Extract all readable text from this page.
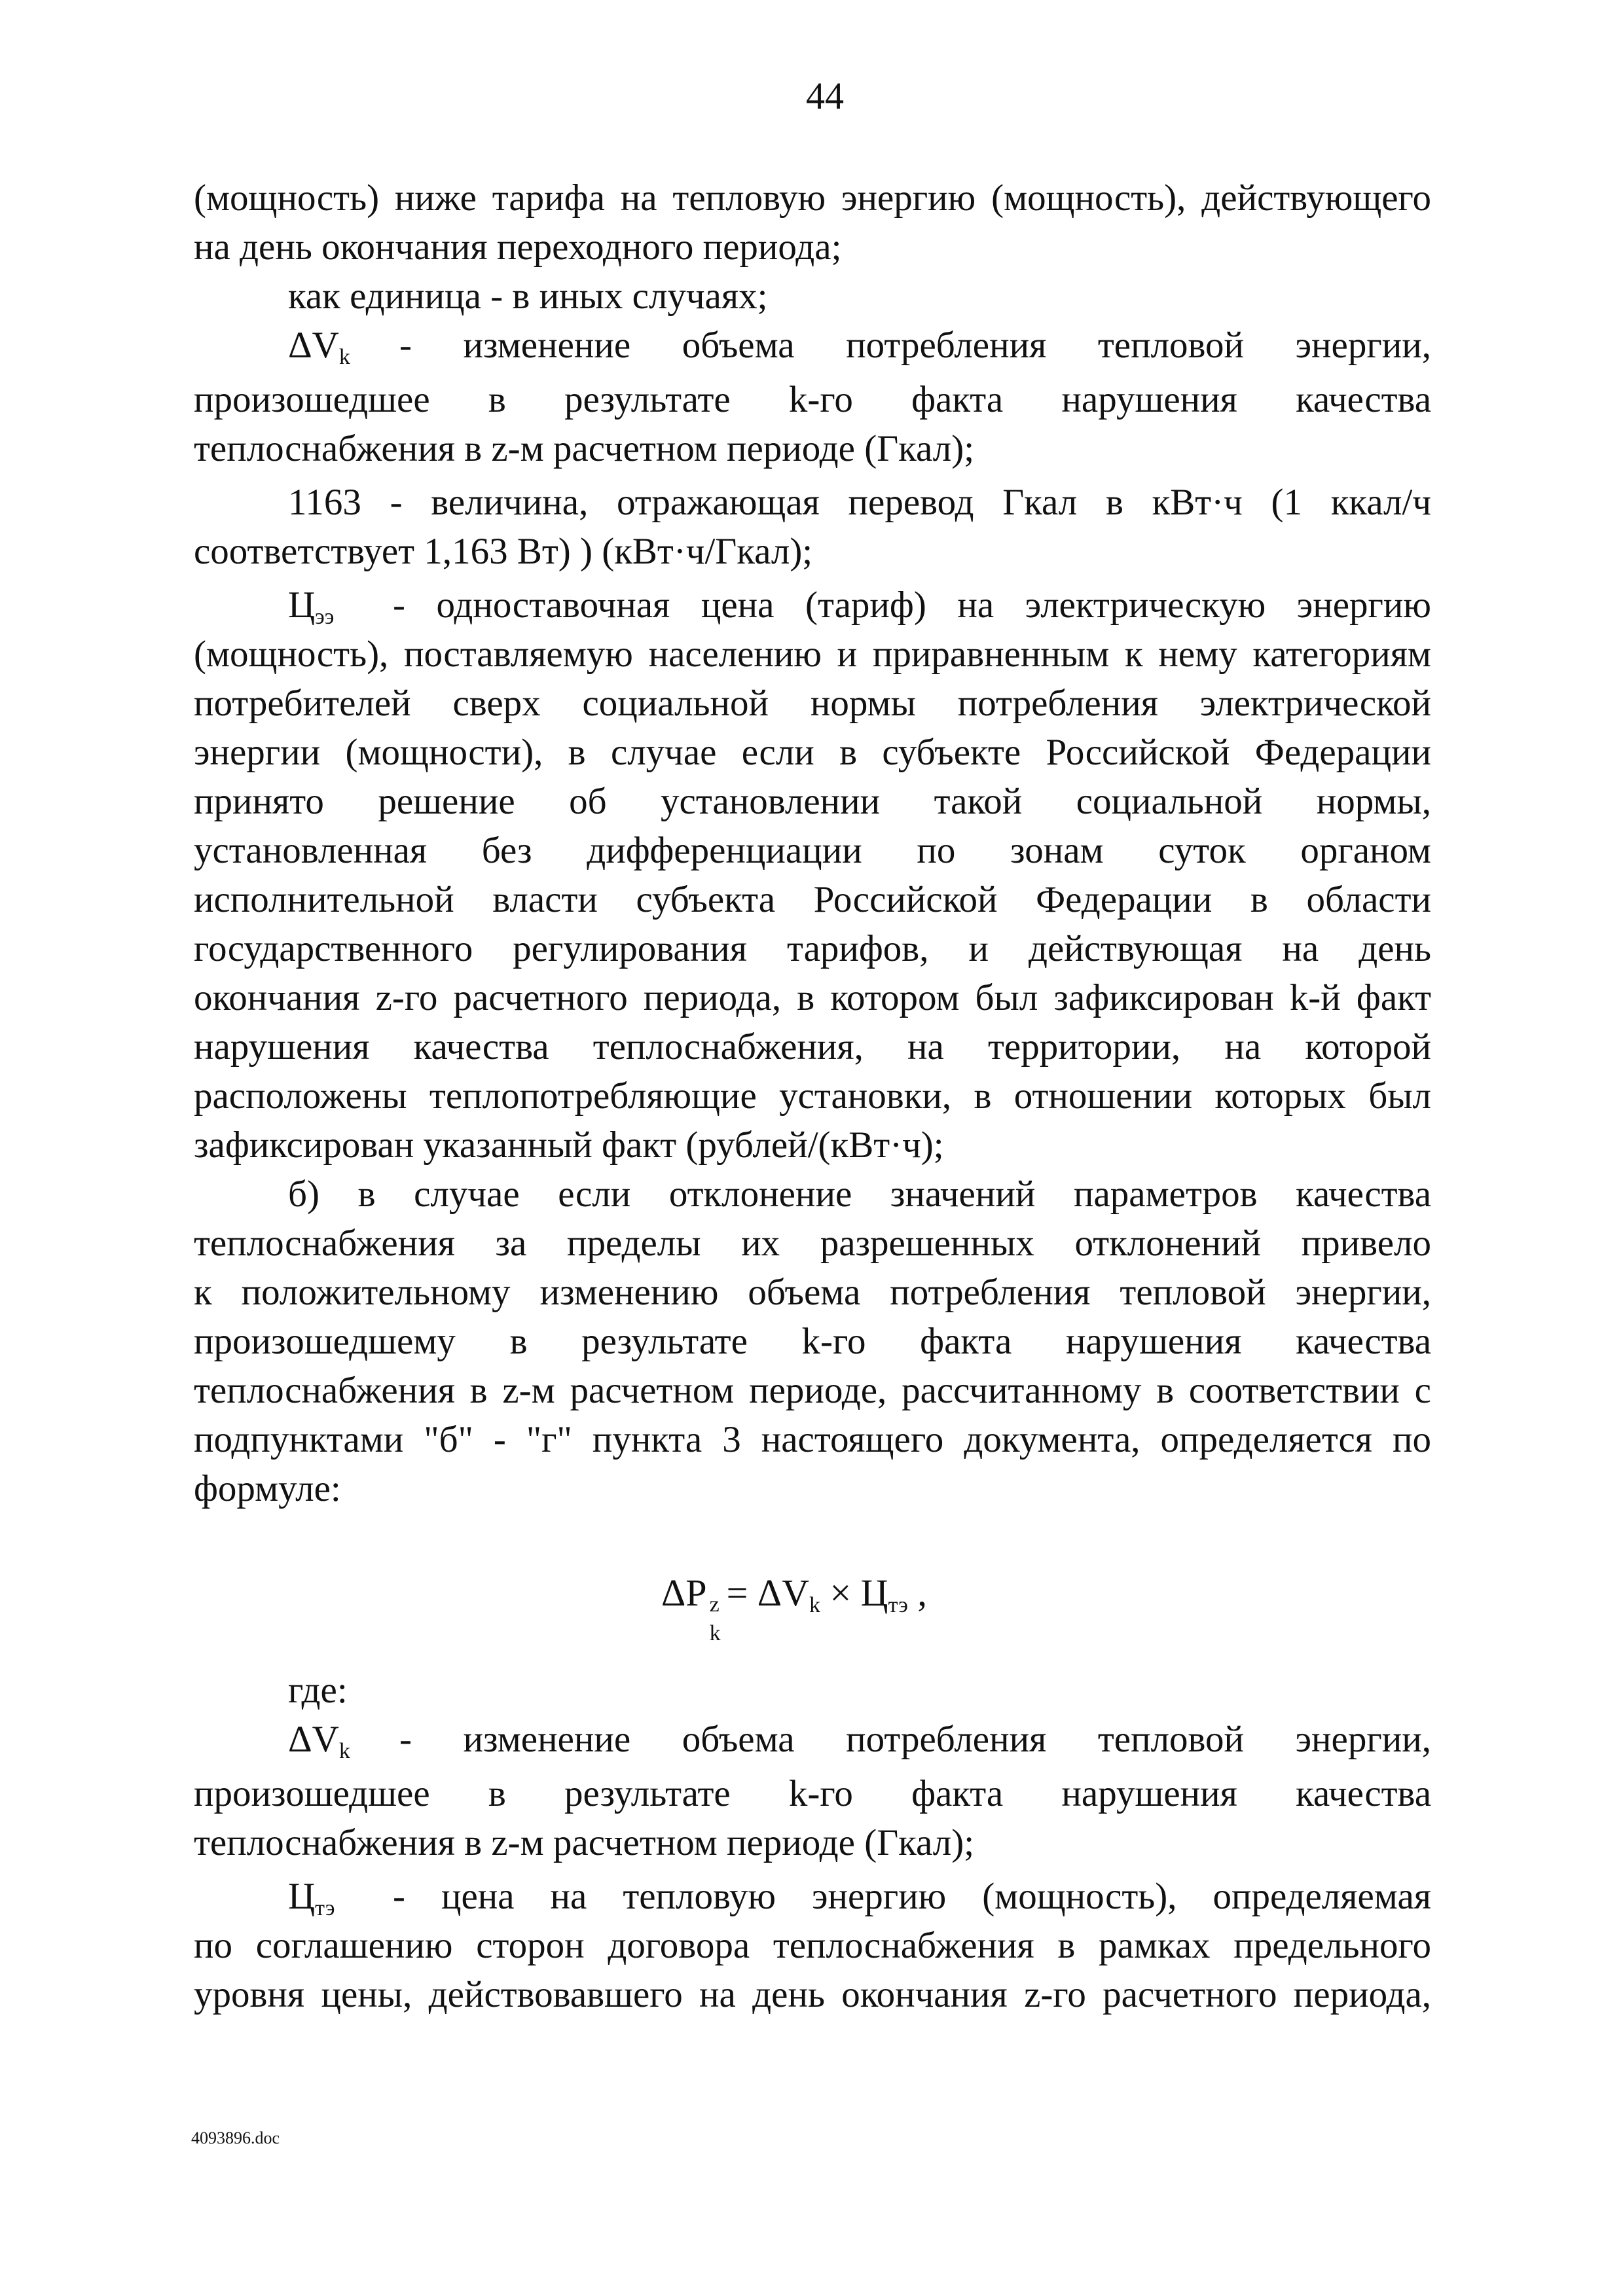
44
(мощность) ниже тарифа на тепловую энергию (мощность), действующего
на день окончания переходного периода;
как единица - в иных случаях;
$\Delta V_k$ - изменение объема потребления тепловой энергии,
произошедшее в результате k-го факта нарушения качества
теплоснабжения в z-м расчетном периоде (Гкал);
1163 - величина, отражающая перевод Гкал в кВт·ч (1 ккал/ч
соответствует 1,163 Вт) ) (кВт·ч/Гкал);
$Ц_{ээ}$ - одноставочная цена (тариф) на электрическую энергию
(мощность), поставляемую населению и приравненным к нему категориям
потребителей сверх социальной нормы потребления электрической
энергии (мощности), в случае если в субъекте Российской Федерации
принято решение об установлении такой социальной нормы,
установленная без дифференциации по зонам суток органом
исполнительной власти субъекта Российской Федерации в области
государственного регулирования тарифов, и действующая на день
окончания z-го расчетного периода, в котором был зафиксирован k-й факт
нарушения качества теплоснабжения, на территории, на которой
расположены теплопотребляющие установки, в отношении которых был
зафиксирован указанный факт (рублей/(кВт·ч);
б) в случае если отклонение значений параметров качества
теплоснабжения за пределы их разрешенных отклонений привело
к положительному изменению объема потребления тепловой энергии,
произошедшему в результате k-го факта нарушения качества
теплоснабжения в z-м расчетном периоде, рассчитанному в соответствии с
подпунктами "б" - "г" пункта 3 настоящего документа, определяется по
формуле:
ΔP z
k
= $\Delta V_k \times Ц_{тэ}$ ,
где:
$\Delta V_k$ - изменение объема потребления тепловой энергии,
произошедшее в результате k-го факта нарушения качества
теплоснабжения в z-м расчетном периоде (Гкал);
$Ц_{тэ}$ - цена на тепловую энергию (мощность), определяемая
по соглашению сторон договора теплоснабжения в рамках предельного
уровня цены, действовавшего на день окончания z-го расчетного периода,
4093896.doc
